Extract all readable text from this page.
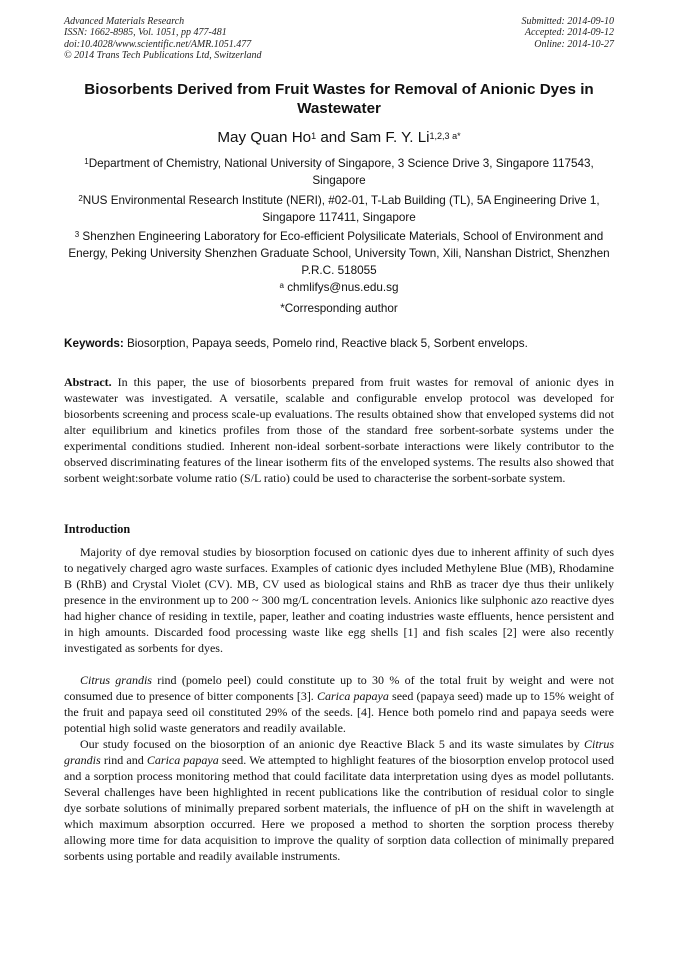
Advanced Materials Research
ISSN: 1662-8985, Vol. 1051, pp 477-481
doi:10.4028/www.scientific.net/AMR.1051.477
© 2014 Trans Tech Publications Ltd, Switzerland
Submitted: 2014-09-10
Accepted: 2014-09-12
Online: 2014-10-27
Biosorbents Derived from Fruit Wastes for Removal of Anionic Dyes in Wastewater
May Quan Ho$^1$ and Sam F. Y. $Li^{1,2,3 a*}$
$^1$Department of Chemistry, National University of Singapore, 3 Science Drive 3, Singapore 117543, Singapore
$^2$NUS Environmental Research Institute (NERI), #02-01, T-Lab Building (TL), 5A Engineering Drive 1, Singapore 117411, Singapore
$^3$ Shenzhen Engineering Laboratory for Eco-efficient Polysilicate Materials, School of Environment and Energy, Peking University Shenzhen Graduate School, University Town, Xili, Nanshan District, Shenzhen P.R.C. 518055
$^a$ chmlifys@nus.edu.sg
*Corresponding author
Keywords: Biosorption, Papaya seeds, Pomelo rind, Reactive black 5, Sorbent envelops.
Abstract. In this paper, the use of biosorbents prepared from fruit wastes for removal of anionic dyes in wastewater was investigated. A versatile, scalable and configurable envelop protocol was developed for biosorbents screening and process scale-up evaluations. The results obtained show that enveloped systems did not alter equilibrium and kinetics profiles from those of the standard free sorbent-sorbate systems under the experimental conditions studied. Inherent non-ideal sorbent-sorbate interactions were likely contributor to the observed discriminating features of the linear isotherm fits of the enveloped systems. The results also showed that sorbent weight:sorbate volume ratio (S/L ratio) could be used to characterise the sorbent-sorbate system.
Introduction
Majority of dye removal studies by biosorption focused on cationic dyes due to inherent affinity of such dyes to negatively charged agro waste surfaces. Examples of cationic dyes included Methylene Blue (MB), Rhodamine B (RhB) and Crystal Violet (CV). MB, CV used as biological stains and RhB as tracer dye thus their unlikely presence in the environment up to 200 ~ 300 mg/L concentration levels. Anionics like sulphonic azo reactive dyes had higher chance of residing in textile, paper, leather and coating industries waste effluents, hence persistent and in high amounts. Discarded food processing waste like egg shells [1] and fish scales [2] were also recently investigated as sorbents for dyes.
Citrus grandis rind (pomelo peel) could constitute up to 30 % of the total fruit by weight and were not consumed due to presence of bitter components [3]. Carica papaya seed (papaya seed) made up to 15% weight of the fruit and papaya seed oil constituted 29% of the seeds. [4]. Hence both pomelo rind and papaya seeds were potential high solid waste generators and readily available.
Our study focused on the biosorption of an anionic dye Reactive Black 5 and its waste simulates by Citrus grandis rind and Carica papaya seed. We attempted to highlight features of the biosorption envelop protocol used and a sorption process monitoring method that could facilitate data interpretation using dyes as model pollutants. Several challenges have been highlighted in recent publications like the contribution of residual color to single dye sorbate solutions of minimally prepared sorbent materials, the influence of pH on the shift in wavelength at which maximum absorption occurred. Here we proposed a method to shorten the sorption process thereby allowing more time for data acquisition to improve the quality of sorption data collection of minimally prepared sorbents using portable and readily available instruments.
